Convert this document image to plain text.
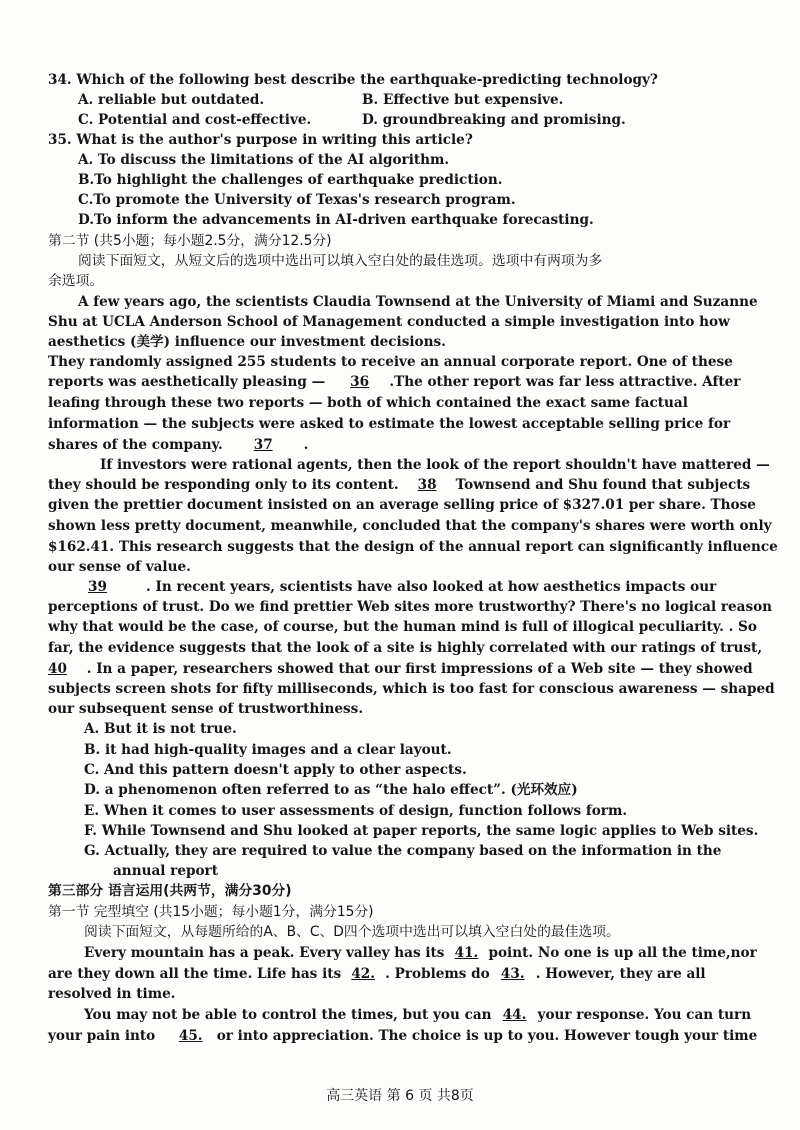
34. Which of the following best describe the earthquake-predicting technology?
A. reliable but outdated.	B. Effective but expensive.
C. Potential and cost-effective.	D. groundbreaking and promising.
35. What is the author's purpose in writing this article?
A. To discuss the limitations of the AI algorithm.
B.To highlight the challenges of earthquake prediction.
C.To promote the University of Texas's research program.
D.To inform the advancements in AI-driven earthquake forecasting.
第二节 (共5小题；每小题2.5分，满分12.5分)
阅读下面短文，从短文后的选项中选出可以填入空白处的最佳选项。选项中有两项为多
余选项。
A few years ago, the scientists Claudia Townsend at the University of Miami and Suzanne
Shu at UCLA Anderson School of Management conducted a simple investigation into how
aesthetics (美学) influence our investment decisions.
They randomly assigned 255 students to receive an annual corporate report. One of these
reports was aesthetically pleasing — 36 .The other report was far less attractive. After
leafing through these two reports — both of which contained the exact same factual
information — the subjects were asked to estimate the lowest acceptable selling price for
shares of the company. 37 .
If investors were rational agents, then the look of the report shouldn't have mattered —
they should be responding only to its content. 38 Townsend and Shu found that subjects
given the prettier document insisted on an average selling price of $327.01 per share. Those
shown less pretty document, meanwhile, concluded that the company's shares were worth only
$162.41. This research suggests that the design of the annual report can significantly influence
our sense of value.
39	. In recent years, scientists have also looked at how aesthetics impacts our
perceptions of trust. Do we find prettier Web sites more trustworthy? There's no logical reason
why that would be the case, of course, but the human mind is full of illogical peculiarity. . So
far, the evidence suggests that the look of a site is highly correlated with our ratings of trust,
40 . In a paper, researchers showed that our first impressions of a Web site — they showed
subjects screen shots for fifty milliseconds, which is too fast for conscious awareness — shaped
our subsequent sense of trustworthiness.
A. But it is not true.
B. it had high-quality images and a clear layout.
C. And this pattern doesn't apply to other aspects.
D. a phenomenon often referred to as “the halo effect”. (光环效应)
E. When it comes to user assessments of design, function follows form.
F. While Townsend and Shu looked at paper reports, the same logic applies to Web sites.
G. Actually, they are required to value the company based on the information in the
annual report
第三部分 语言运用(共两节，满分30分)
第一节 完型填空 (共15小题；每小题1分，满分15分)
阅读下面短文，从每题所给的A、B、C、D四个选项中选出可以填入空白处的最佳选项。
Every mountain has a peak. Every valley has its 41. point. No one is up all the time,nor
are they down all the time. Life has its 42. . Problems do 43. . However, they are all
resolved in time.
You may not be able to control the times, but you can 44. your response. You can turn
your pain into 45. or into appreciation. The choice is up to you. However tough your time
高三英语 第 6 页 共8页
